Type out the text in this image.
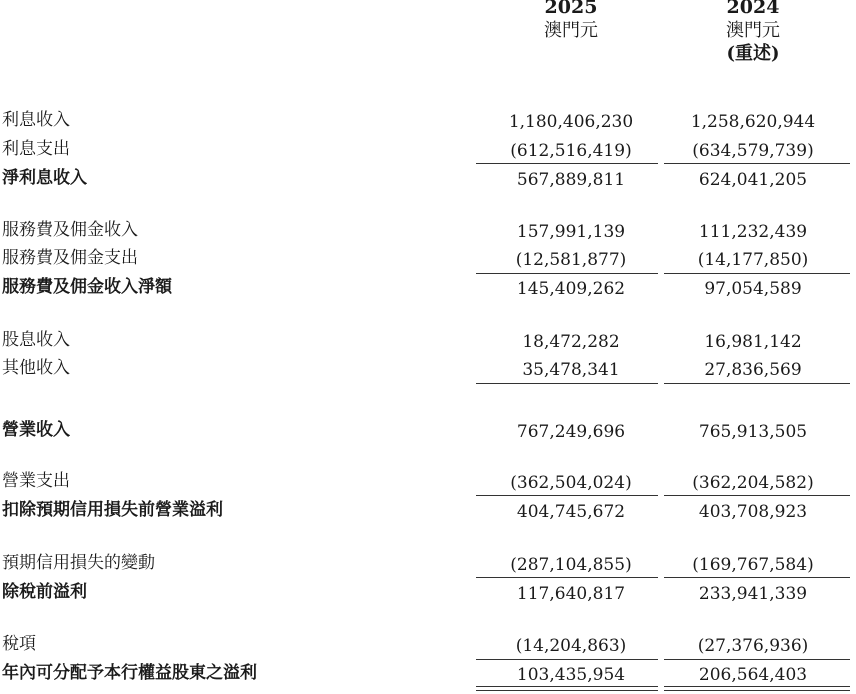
2025
澳門元
2024
澳門元
(重述)
利息收入	1,180,406,230	1,258,620,944
利息支出	(612,516,419)	(634,579,739)
淨利息收入	567,889,811	624,041,205
服務費及佣金收入	157,991,139	111,232,439
服務費及佣金支出	(12,581,877)	(14,177,850)
服務費及佣金收入淨額	145,409,262	97,054,589
股息收入	18,472,282	16,981,142
其他收入	35,478,341	27,836,569
營業收入	767,249,696	765,913,505
營業支出	(362,504,024)	(362,204,582)
扣除預期信用損失前營業溢利	404,745,672	403,708,923
預期信用損失的變動	(287,104,855)	(169,767,584)
除稅前溢利	117,640,817	233,941,339
稅項	(14,204,863)	(27,376,936)
年內可分配予本行權益股東之溢利	103,435,954	206,564,403
